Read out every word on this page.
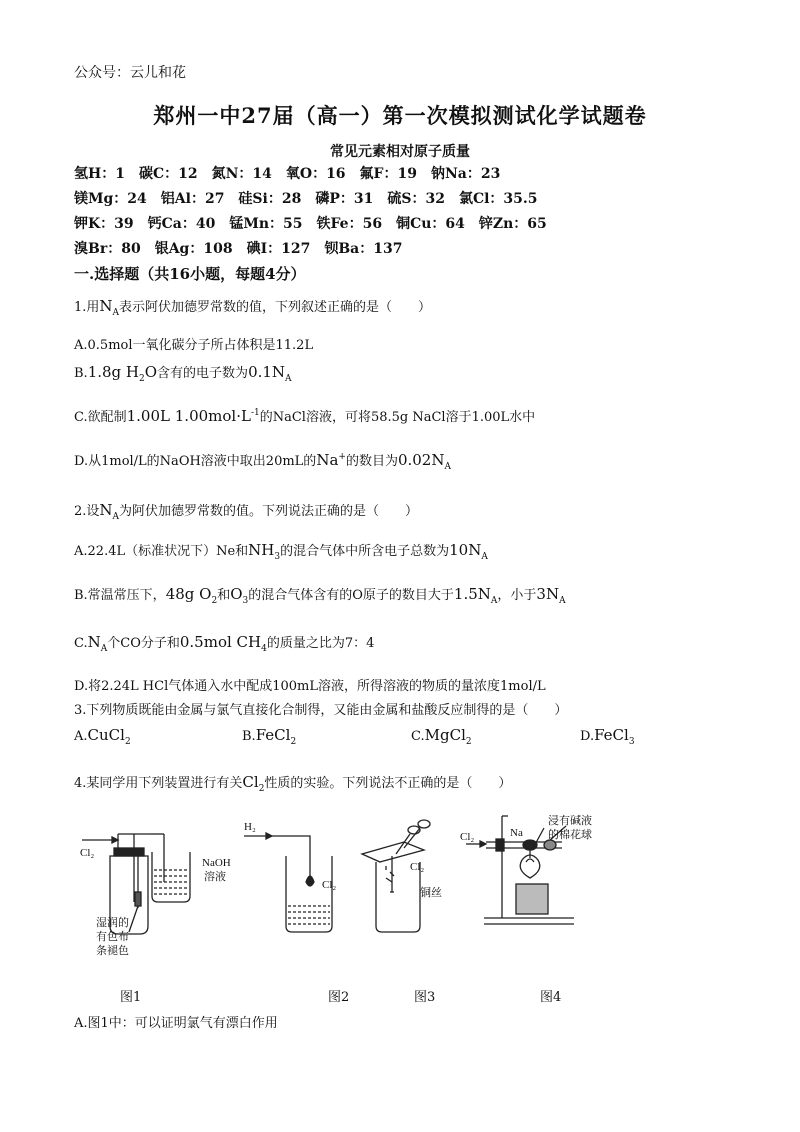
公众号：云儿和花
郑州一中27届（高一）第一次模拟测试化学试题卷
常见元素相对原子质量
氢H：1　碳C：12　氮N：14　氧O：16　氟F：19　钠Na：23
镁Mg：24　铝Al：27　硅Si：28　磷P：31　硫S：32　氯Cl：35.5
钾K：39　钙Ca：40　锰Mn：55　铁Fe：56　铜Cu：64　锌Zn：65
溴Br：80　银Ag：108　碘I：127　钡Ba：137
一.选择题（共16小题，每题4分）
1.用$N_A$表示阿伏加德罗常数的值，下列叙述正确的是（　　）
A.0.5mol一氧化碳分子所占体积是11.2L
B.1.8g $H_2O$含有的电子数为$0.1N_A$
C.欲配制1.00L $1.00mol\cdot L^{-1}$的NaCl溶液，可将58.5g NaCl溶于1.00L水中
D.从1mol/L的NaOH溶液中取出20mL的Na+的数目为$0.02N_A$
2.设$N_A$为阿伏加德罗常数的值。下列说法正确的是（　　）
A.22.4L（标准状况下）Ne和$NH_3$的混合气体中所含电子总数为$10N_A$
B.常温常压下，48g $O_2$和$O_3$的混合气体含有的O原子的数目大于$1.5N_A$，小于$3N_A$
$C.N_A$个CO分子和0.5mol $CH_4$的质量之比为7：4
D.将2.24L HCl气体通入水中配成100mL溶液，所得溶液的物质的量浓度1mol/L
3.下列物质既能由金属与氯气直接化合制得，又能由金属和盐酸反应制得的是（　　）
A.CuCl$_2$	B.FeCl$_2$	C.MgCl$_2$	D.FeCl$_3$
4.某同学用下列装置进行有关$Cl_2$性质的实验。下列说法不正确的是（　　）
Cl₂
NaOH
溶液
湿润的
有色布
条褪色
H₂
Cl₂
Cl₂
铜丝
Cl₂	Na
浸有碱液
的棉花球
图1	图2	图3	图4
A.图1中：可以证明氯气有漂白作用
